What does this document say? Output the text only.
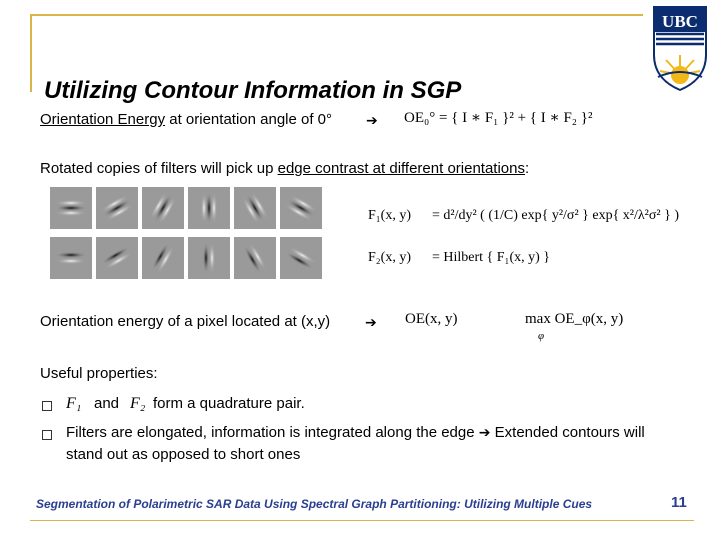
UBC
Utilizing Contour Information in SGP
Orientation Energy at orientation angle of 0° ➔ OE₀° = { I ∗ F₁ }² + { I ∗ F₂ }²
Rotated copies of filters will pick up edge contrast at different orientations:
F₁(x, y) = d²/dy² ( (1/C) exp{ y²/σ² } exp{ x²/λ²σ² } )
F₂(x, y) = Hilbert { F₁(x, y) }
Orientation energy of a pixel located at (x,y) ➔ OE(x, y)	max OE_φ(x, y)
φ
Useful properties:
F₁ and F₂ form a quadrature pair.
Filters are elongated, information is integrated along the edge ➔ Extended contours will
stand out as opposed to short ones
Segmentation of Polarimetric SAR Data Using Spectral Graph Partitioning: Utilizing Multiple Cues	11
